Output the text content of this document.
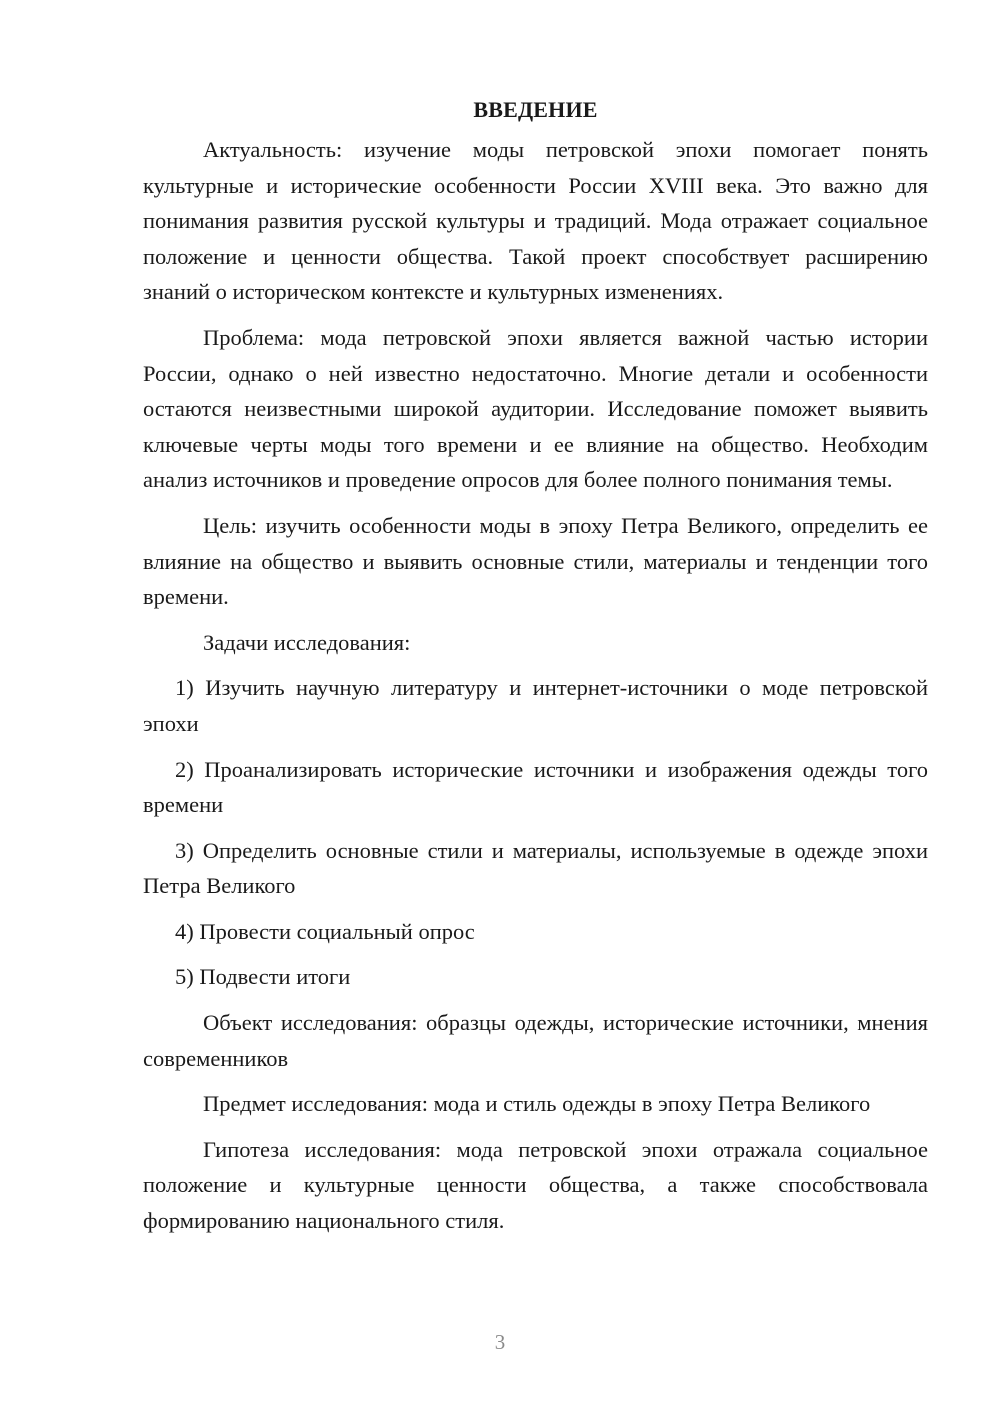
ВВЕДЕНИЕ

Актуальность: изучение моды петровской эпохи помогает понять культурные и исторические особенности России XVIII века. Это важно для понимания развития русской культуры и традиций. Мода отражает социальное положение и ценности общества. Такой проект способствует расширению знаний о историческом контексте и культурных изменениях.

Проблема: мода петровской эпохи является важной частью истории России, однако о ней известно недостаточно. Многие детали и особенности остаются неизвестными широкой аудитории. Исследование поможет выявить ключевые черты моды того времени и ее влияние на общество. Необходим анализ источников и проведение опросов для более полного понимания темы.

Цель: изучить особенности моды в эпоху Петра Великого, определить ее влияние на общество и выявить основные стили, материалы и тенденции того времени.

Задачи исследования:

1) Изучить научную литературу и интернет-источники о моде петровской эпохи

2) Проанализировать исторические источники и изображения одежды того времени

3) Определить основные стили и материалы, используемые в одежде эпохи Петра Великого

4) Провести социальный опрос

5) Подвести итоги

Объект исследования: образцы одежды, исторические источники, мнения современников

Предмет исследования: мода и стиль одежды в эпоху Петра Великого

Гипотеза исследования: мода петровской эпохи отражала социальное положение и культурные ценности общества, а также способствовала формированию национального стиля.

3
